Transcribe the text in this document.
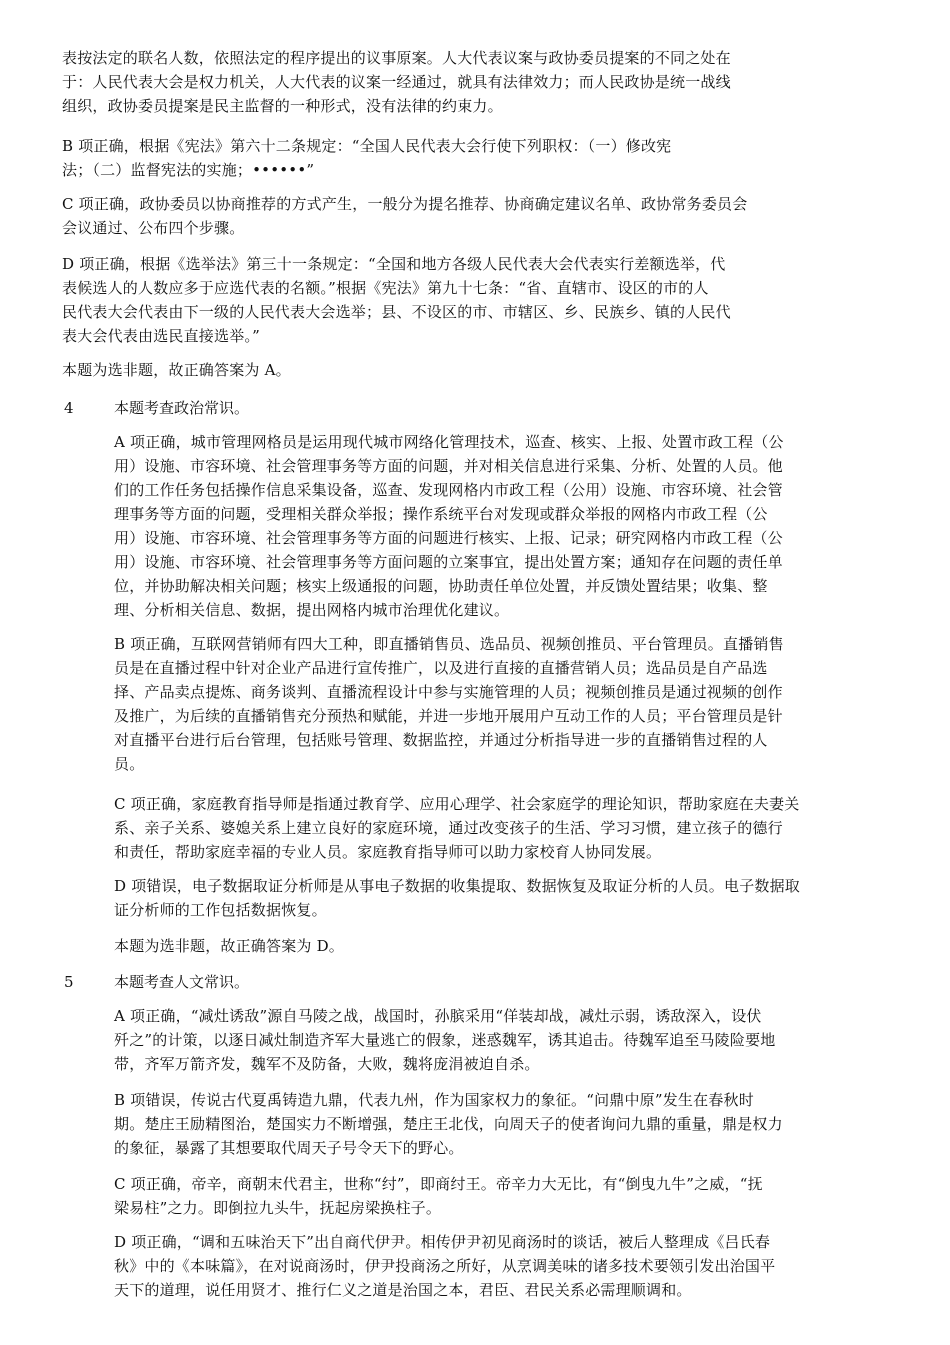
表按法定的联名人数，依照法定的程序提出的议事原案。人大代表议案与政协委员提案的不同之处在
于：人民代表大会是权力机关，人大代表的议案一经通过，就具有法律效力；而人民政协是统一战线
组织，政协委员提案是民主监督的一种形式，没有法律的约束力。

B 项正确，根据《宪法》第六十二条规定：“全国人民代表大会行使下列职权：（一）修改宪
法；（二）监督宪法的实施；••••••”

C 项正确，政协委员以协商推荐的方式产生，一般分为提名推荐、协商确定建议名单、政协常务委员会
会议通过、公布四个步骤。

D 项正确，根据《选举法》第三十一条规定：“全国和地方各级人民代表大会代表实行差额选举，代
表候选人的人数应多于应选代表的名额。”根据《宪法》第九十七条：“省、直辖市、设区的市的人
民代表大会代表由下一级的人民代表大会选举；县、不设区的市、市辖区、乡、民族乡、镇的人民代
表大会代表由选民直接选举。”

本题为选非题，故正确答案为 A。

4	本题考查政治常识。

A 项正确，城市管理网格员是运用现代城市网络化管理技术，巡查、核实、上报、处置市政工程（公
用）设施、市容环境、社会管理事务等方面的问题，并对相关信息进行采集、分析、处置的人员。他
们的工作任务包括操作信息采集设备，巡查、发现网格内市政工程（公用）设施、市容环境、社会管
理事务等方面的问题，受理相关群众举报；操作系统平台对发现或群众举报的网格内市政工程（公
用）设施、市容环境、社会管理事务等方面的问题进行核实、上报、记录；研究网格内市政工程（公
用）设施、市容环境、社会管理事务等方面问题的立案事宜，提出处置方案；通知存在问题的责任单
位，并协助解决相关问题；核实上级通报的问题，协助责任单位处置，并反馈处置结果；收集、整
理、分析相关信息、数据，提出网格内城市治理优化建议。

B 项正确，互联网营销师有四大工种，即直播销售员、选品员、视频创推员、平台管理员。直播销售
员是在直播过程中针对企业产品进行宣传推广，以及进行直接的直播营销人员；选品员是自产品选
择、产品卖点提炼、商务谈判、直播流程设计中参与实施管理的人员；视频创推员是通过视频的创作
及推广，为后续的直播销售充分预热和赋能，并进一步地开展用户互动工作的人员；平台管理员是针
对直播平台进行后台管理，包括账号管理、数据监控，并通过分析指导进一步的直播销售过程的人
员。

C 项正确，家庭教育指导师是指通过教育学、应用心理学、社会家庭学的理论知识，帮助家庭在夫妻关
系、亲子关系、婆媳关系上建立良好的家庭环境，通过改变孩子的生活、学习习惯，建立孩子的德行
和责任，帮助家庭幸福的专业人员。家庭教育指导师可以助力家校育人协同发展。

D 项错误，电子数据取证分析师是从事电子数据的收集提取、数据恢复及取证分析的人员。电子数据取
证分析师的工作包括数据恢复。

本题为选非题，故正确答案为 D。

5	本题考查人文常识。

A 项正确，“减灶诱敌”源自马陵之战，战国时，孙膑采用“佯装却战，减灶示弱，诱敌深入，设伏
歼之”的计策，以逐日减灶制造齐军大量逃亡的假象，迷惑魏军，诱其追击。待魏军追至马陵险要地
带，齐军万箭齐发，魏军不及防备，大败，魏将庞涓被迫自杀。

B 项错误，传说古代夏禹铸造九鼎，代表九州，作为国家权力的象征。“问鼎中原”发生在春秋时
期。楚庄王励精图治，楚国实力不断增强，楚庄王北伐，向周天子的使者询问九鼎的重量，鼎是权力
的象征，暴露了其想要取代周天子号令天下的野心。

C 项正确，帝辛，商朝末代君主，世称“纣”，即商纣王。帝辛力大无比，有“倒曳九牛”之威，“抚
梁易柱”之力。即倒拉九头牛，抚起房梁换柱子。

D 项正确，“调和五味治天下”出自商代伊尹。相传伊尹初见商汤时的谈话，被后人整理成《吕氏春
秋》中的《本味篇》，在对说商汤时，伊尹投商汤之所好，从烹调美味的诸多技术要领引发出治国平
天下的道理，说任用贤才、推行仁义之道是治国之本，君臣、君民关系必需理顺调和。
